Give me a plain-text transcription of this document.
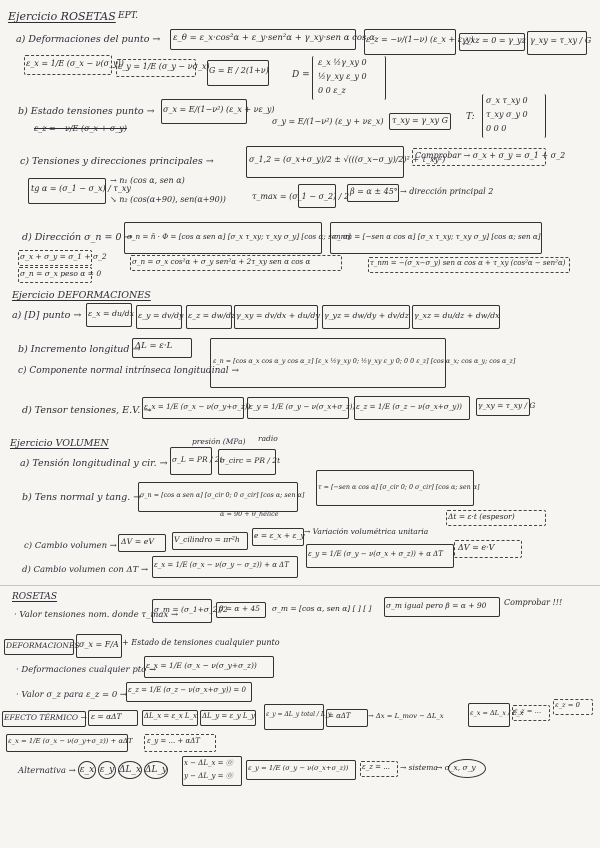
Ejercicio ROSETAS EPT.
a) Deformaciones del punto → ε_θ = ε_x·cos²α + ε_y·sen²α + γ_xy·sen α cos α
ε_z = −ν/(1−ν) (ε_x + ε_y)
γ_xz = 0 = γ_yz γ_xy = τ_xy / G
ε_x = 1/E (σ_x − ν(σ_y))
ε_y = 1/E (σ_y − νσ_x) G = E / 2(1+ν)	D =
ε_x ½γ_xy 0
½γ_xy ε_y 0
0 0 ε_z
b) Estado tensiones punto → σ_x = E/(1−ν²) (ε_x + νε_y)
ε_z = −ν/E (σ_x + σ_y)
σ_y = E/(1−ν²) (ε_y + νε_x) τ_xy = γ_xy G T:
σ_x τ_xy 0
τ_xy σ_y 0
0 0 0
c) Tensiones y direcciones principales →	σ_1,2 = (σ_x+σ_y)/2 ± √(((σ_x−σ_y)/2)² + τ_xy²)
Comprobar → σ_x + σ_y = σ_1 + σ_2
tg α = (σ_1 − σ_x) / τ_xy
→ n₁ (cos α, sen α)
↘ n₂ (cos(α+90), sen(α+90))	τ_max = (σ_1 − σ_2) / 2
β = α ± 45° → dirección principal 2
d) Dirección σ_n = 0 →
σ_n = n̄ · Φ = [cos α sen α] [σ_x τ_xy; τ_xy σ_y] [cos α; sen α]
τ_nm = [−sen α cos α] [σ_x τ_xy; τ_xy σ_y] [cos α; sen α]
σ_x + σ_y = σ_1 + σ_2
σ_n = σ_x peso α = 0
σ_n = σ_x cos²α + σ_y sen²α + 2τ_xy sen α cos α	τ_nm = −(σ_x−σ_y) sen α cos α + τ_xy (cos²α − sen²α)
Ejercicio DEFORMACIONES
a) [D] punto → ε_x = du/dx ε_y = dv/dy ε_z = dw/dz γ_xy = dv/dx + du/dy γ_yz = dw/dy + dv/dz γ_xz = du/dz + dw/dx
b) Incremento longitud →
ΔL = ε·L
c) Componente normal intrínseca longitudinal →
ε_n = [cos α_x cos α_y cos α_z] [ε_x ½γ_xy 0; ½γ_xy ε_y 0; 0 0 ε_z] [cos α_x; cos α_y; cos α_z]
d) Tensor tensiones, E.V. →
ε_x = 1/E (σ_x − ν(σ_y+σ_z))
ε_y = 1/E (σ_y − ν(σ_x+σ_z)) ε_z = 1/E (σ_z − ν(σ_x+σ_y)) γ_xy = τ_xy / G
Ejercicio VOLUMEN	presión (MPa) radio
a) Tensión longitudinal y cir. → σ_L = PR / 2t
σ_circ = PR / 2t
b) Tens normal y tang. →
σ_n = [cos α sen α] [σ_cir 0; 0 σ_cir] [cos α; sen α]
α = 90 + θ_hélice
τ = [−sen α cos α] [σ_cir 0; 0 σ_cir] [cos α; sen α]
c) Cambio volumen → ΔV = eV	V_cilindro = πr²h e = ε_x + ε_y → Variación volumétrica unitaria
Δt = ε·t (espesor)
d) Cambio volumen con ΔT → ε_x = 1/E (σ_x − ν(σ_y − σ_z)) + α ΔT
ε_y = 1/E (σ_y − ν(σ_x + σ_z)) + α ΔT
ΔV = e·V
ROSETAS
· Valor tensiones nom. donde τ_max →
σ_m = (σ_1+σ_2)/2
β = α + 45 σ_m = [cos α, sen α] [ ] [ ] σ_m igual pero β = α + 90 Comprobar !!!
DEFORMACIONES σ_x = F/A + Estado de tensiones cualquier punto
· Deformaciones cualquier pto →
ε_x = 1/E (σ_x − ν(σ_y+σ_z))
· Valor σ_z para ε_z = 0 → ε_z = 1/E (σ_z − ν(σ_x+σ_y)) = 0
EFECTO TÉRMICO → ε = αΔT	ΔL_x = ε_x L_x ΔL_y = ε_y L_y ε_y = ΔL_y total / L_y
= αΔT	→ Δx = L_mov − ΔL_x	ε_x = ΔL_x / L_x
ε_z = ...
ε_z = 0
ε_x = 1/E (σ_x − ν(σ_y+σ_z)) + αΔT ε_y = ... + αΔT
Alternativa → ε_x ε_y ΔL_x ΔL_y
x − ΔL_x = ⓪
y − ΔL_y = ⓪
ε_y = 1/E (σ_y − ν(σ_x+σ_z)) ε_z = ... → sistema
→ σ_x, σ_y
